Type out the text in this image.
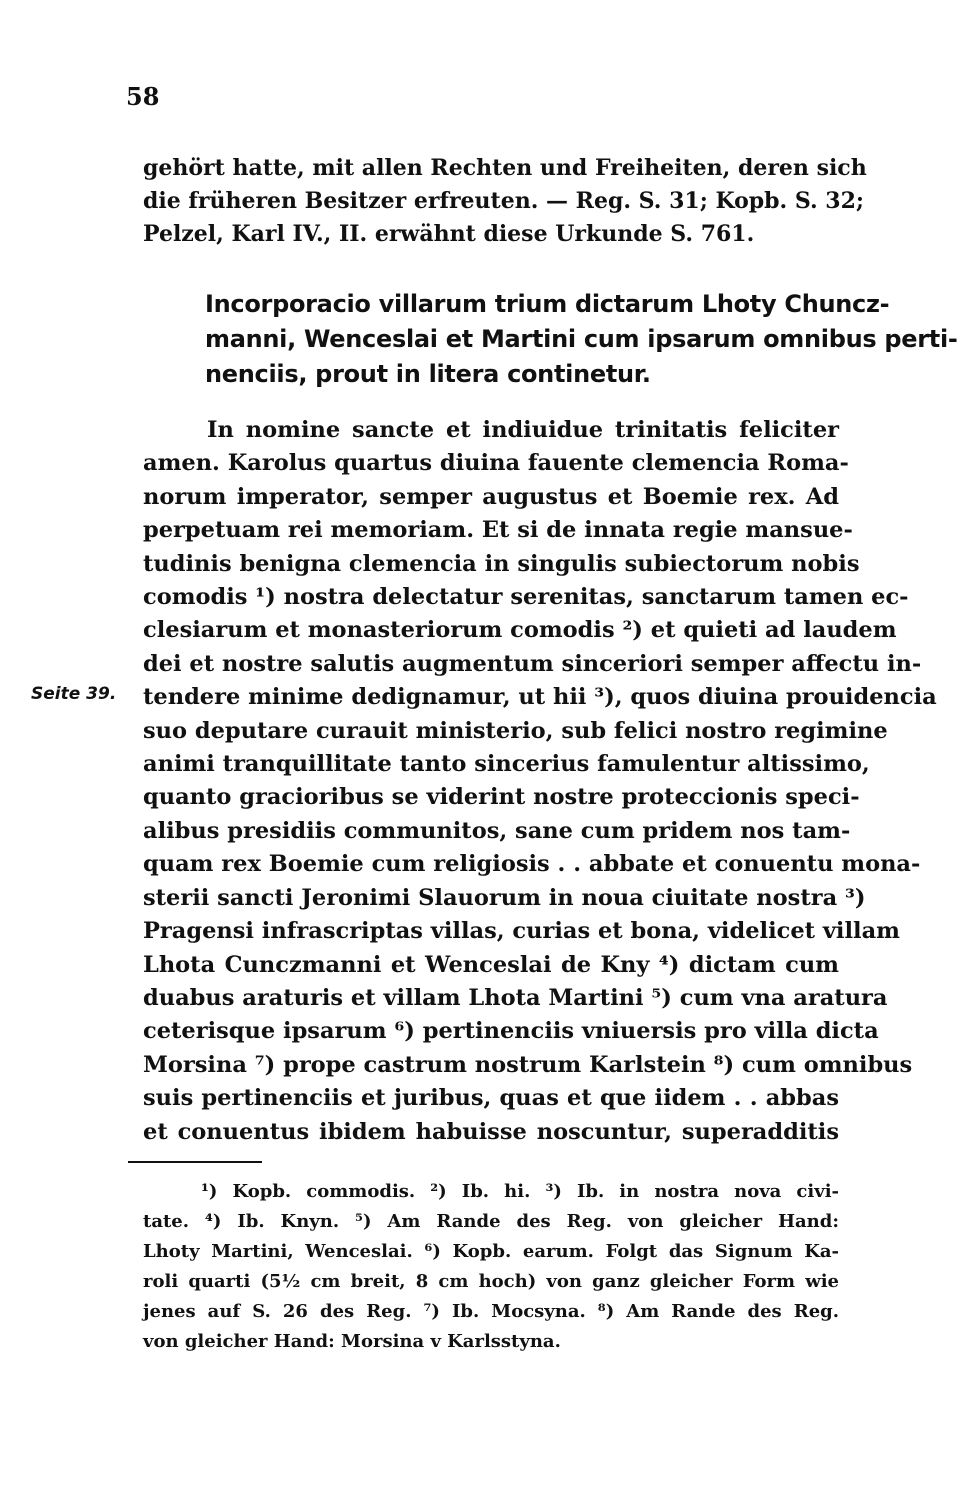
58
gehört hatte, mit allen Rechten und Freiheiten, deren sich
die früheren Besitzer erfreuten. — Reg. S. 31; Kopb. S. 32;
Pelzel, Karl IV., II. erwähnt diese Urkunde S. 761.
Incorporacio villarum trium dictarum Lhoty Chuncz-
manni, Wenceslai et Martini cum ipsarum omnibus perti-
nenciis, prout in litera continetur.
In nomine sancte et indiuidue trinitatis feliciter
amen. Karolus quartus diuina fauente clemencia Roma-
norum imperator, semper augustus et Boemie rex. Ad
perpetuam rei memoriam. Et si de innata regie mansue-
tudinis benigna clemencia in singulis subiectorum nobis
comodis ¹) nostra delectatur serenitas, sanctarum tamen ec-
clesiarum et monasteriorum comodis ²) et quieti ad laudem
dei et nostre salutis augmentum sinceriori semper affectu in-
tendere minime dedignamur, ut hii ³), quos diuina prouidencia
suo deputare curauit ministerio, sub felici nostro regimine
animi tranquillitate tanto sincerius famulentur altissimo,
quanto gracioribus se viderint nostre proteccionis speci-
alibus presidiis communitos, sane cum pridem nos tam-
quam rex Boemie cum religiosis . . abbate et conuentu mona-
sterii sancti Jeronimi Slauorum in noua ciuitate nostra ³)
Pragensi infrascriptas villas, curias et bona, videlicet villam
Lhota Cunczmanni et Wenceslai de Kny ⁴) dictam cum
duabus araturis et villam Lhota Martini ⁵) cum vna aratura
ceterisque ipsarum ⁶) pertinenciis vniuersis pro villa dicta
Morsina ⁷) prope castrum nostrum Karlstein ⁸) cum omnibus
suis pertinenciis et juribus, quas et que iidem . . abbas
et conuentus ibidem habuisse noscuntur, superadditis
Seite 39.
¹) Kopb. commodis. ²) Ib. hi. ³) Ib. in nostra nova civi-
tate. ⁴) Ib. Knyn. ⁵) Am Rande des Reg. von gleicher Hand:
Lhoty Martini, Wenceslai. ⁶) Kopb. earum. Folgt das Signum Ka-
roli quarti (5½ cm breit, 8 cm hoch) von ganz gleicher Form wie
jenes auf S. 26 des Reg. ⁷) Ib. Mocsyna. ⁸) Am Rande des Reg.
von gleicher Hand: Morsina v Karlsstyna.
